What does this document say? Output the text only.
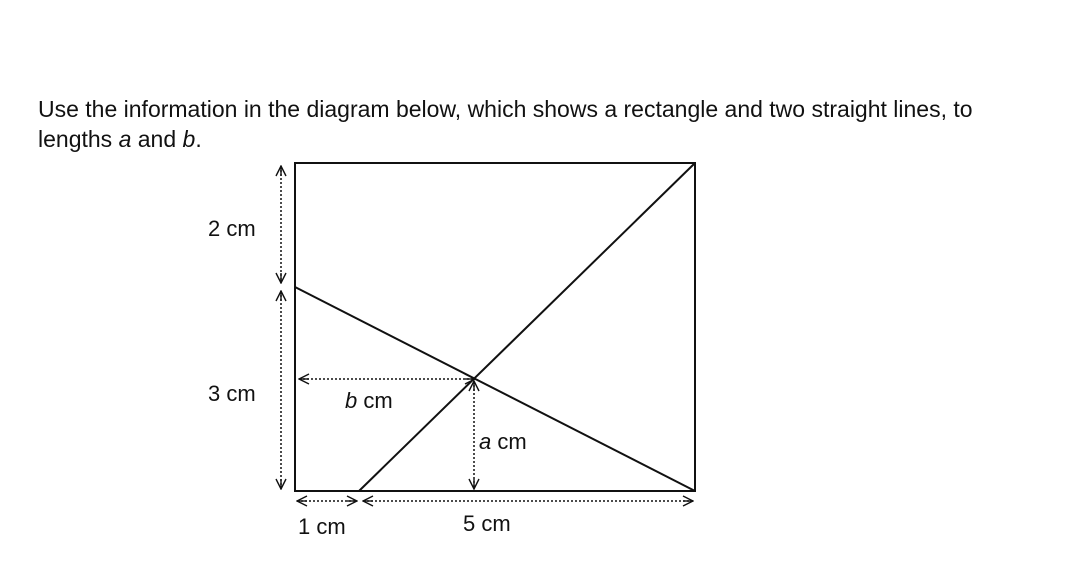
Use the information in the diagram below, which shows a rectangle and two straight lines, to
lengths a and b.
2 cm
3 cm	b cm
a cm
1 cm	5 cm
